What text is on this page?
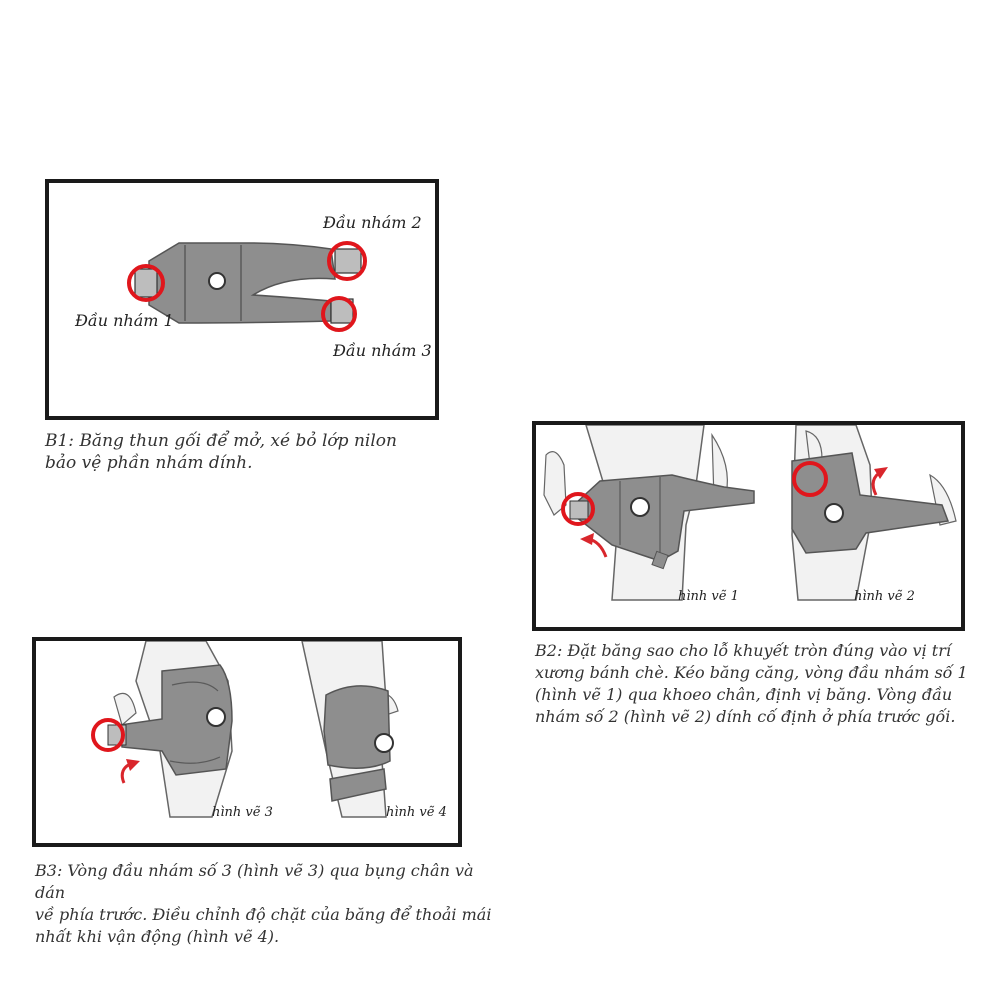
Đầu nhám 1
Đầu nhám 2
Đầu nhám 3
B1: Băng thun gối để mở, xé bỏ lớp nilon
bảo vệ phần nhám dính.
hình vẽ 1	hình vẽ 2
B2: Đặt băng sao cho lỗ khuyết tròn đúng vào vị trí
xương bánh chè. Kéo băng căng, vòng đầu nhám số 1
(hình vẽ 1) qua khoeo chân, định vị băng. Vòng đầu
nhám số 2 (hình vẽ 2) dính cố định ở phía trước gối.
hình vẽ 3	hình vẽ 4
B3: Vòng đầu nhám số 3 (hình vẽ 3) qua bụng chân và dán
về phía trước. Điều chỉnh độ chặt của băng để thoải mái
nhất khi vận động (hình vẽ 4).
